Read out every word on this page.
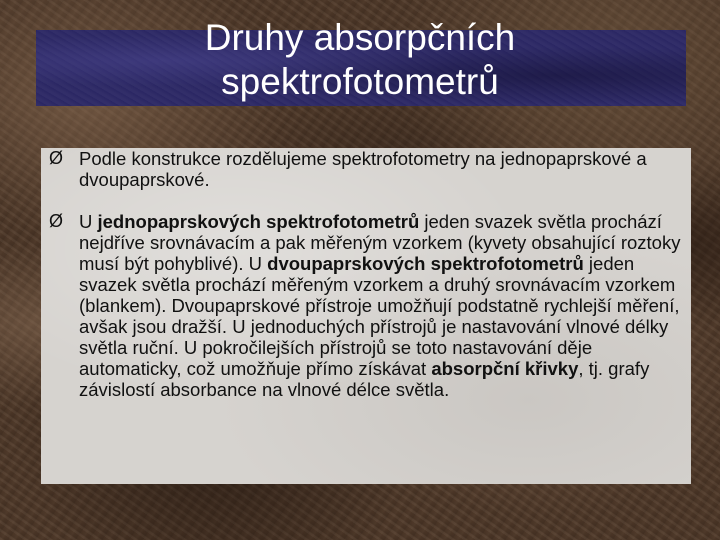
Druhy absorpčních
spektrofotometrů
Ø Podle konstrukce rozdělujeme spektrofotometry na jednopaprskové a dvoupaprskové.
Ø U jednopaprskových spektrofotometrů jeden svazek světla prochází nejdříve srovnávacím a pak měřeným vzorkem (kyvety obsahující roztoky musí být pohyblivé). U dvoupaprskových spektrofotometrů jeden svazek světla prochází měřeným vzorkem a druhý srovnávacím vzorkem (blankem). Dvoupaprskové přístroje umožňují podstatně rychlejší měření, avšak jsou dražší. U jednoduchých přístrojů je nastavování vlnové délky světla ruční. U pokročilejších přístrojů se toto nastavování děje automaticky, což umožňuje přímo získávat absorpční křivky, tj. grafy závislostí absorbance na vlnové délce světla.
